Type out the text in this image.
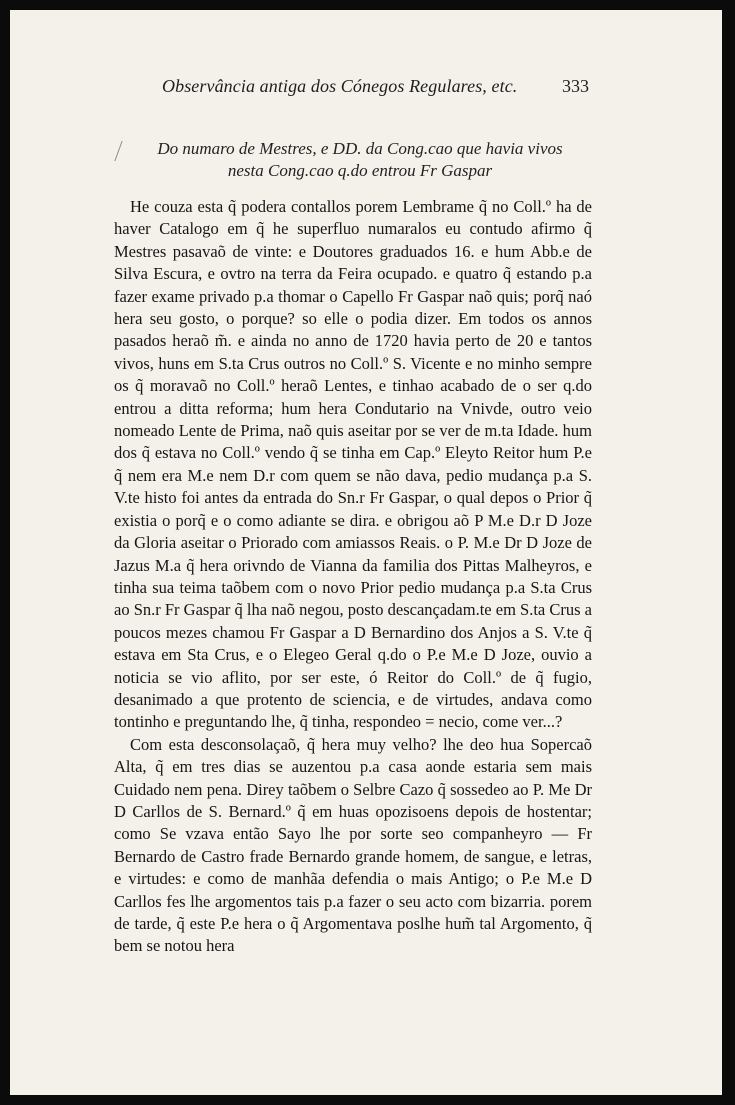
Observância antiga dos Cónegos Regulares, etc. 333
Do numaro de Mestres, e DD. da Cong.cao que havia vivos
nesta Cong.cao q.do entrou Fr Gaspar

He couza esta q̃ podera contallos porem Lembrame q̃ no Coll.º ha de haver Catalogo em q̃ he superfluo numaralos eu contudo afirmo q̃ Mestres pasavaõ de vinte: e Doutores graduados 16. e hum Abb.e de Silva Escura, e ovtro na terra da Feira ocupado. e quatro q̃ estando p.a fazer exame privado p.a thomar o Capello Fr Gaspar naõ quis; porq̃ naó hera seu gosto, o porque? so elle o podia dizer. Em todos os annos pasados heraõ m̃. e ainda no anno de 1720 havia perto de 20 e tantos vivos, huns em S.ta Crus outros no Coll.º S. Vicente e no minho sempre os q̃ moravaõ no Coll.º heraõ Lentes, e tinhao acabado de o ser q.do entrou a ditta reforma; hum hera Condutario na Vnivde, outro veio nomeado Lente de Prima, naõ quis aseitar por se ver de m.ta Idade. hum dos q̃ estava no Coll.º vendo q̃ se tinha em Cap.º Eleyto Reitor hum P.e q̃ nem era M.e nem D.r com quem se não dava, pedio mudança p.a S. V.te histo foi antes da entrada do Sn.r Fr Gaspar, o qual depos o Prior q̃ existia o porq̃ e o como adiante se dira. e obrigou aõ P M.e D.r D Joze da Gloria aseitar o Priorado com amiassos Reais. o P. M.e Dr D Joze de Jazus M.a q̃ hera orivndo de Vianna da familia dos Pittas Malheyros, e tinha sua teima taõbem com o novo Prior pedio mudança p.a S.ta Crus ao Sn.r Fr Gaspar q̃ lha naõ negou, posto descançadam.te em S.ta Crus a poucos mezes chamou Fr Gaspar a D Bernardino dos Anjos a S. V.te q̃ estava em Sta Crus, e o Elegeo Geral q.do o P.e M.e D Joze, ouvio a noticia se vio aflito, por ser este, ó Reitor do Coll.º de q̃ fugio, desanimado a que protento de sciencia, e de virtudes, andava como tontinho e preguntando lhe, q̃ tinha, respondeo = necio, come ver...?

Com esta desconsolaçaõ, q̃ hera muy velho? lhe deo hua Sopercaõ Alta, q̃ em tres dias se auzentou p.a casa aonde estaria sem mais Cuidado nem pena. Direy taõbem o Selbre Cazo q̃ sossedeo ao P. Me Dr D Carllos de S. Bernard.º q̃ em huas opozisoens depois de hostentar; como Se vzava então Sayo lhe por sorte seo companheyro — Fr Bernardo de Castro frade Bernardo grande homem, de sangue, e letras, e virtudes: e como de manhãa defendia o mais Antigo; o P.e M.e D Carllos fes lhe argomentos tais p.a fazer o seu acto com bizarria. porem de tarde, q̃ este P.e hera o q̃ Argomentava poslhe hum̃ tal Argomento, q̃ bem se notou hera
